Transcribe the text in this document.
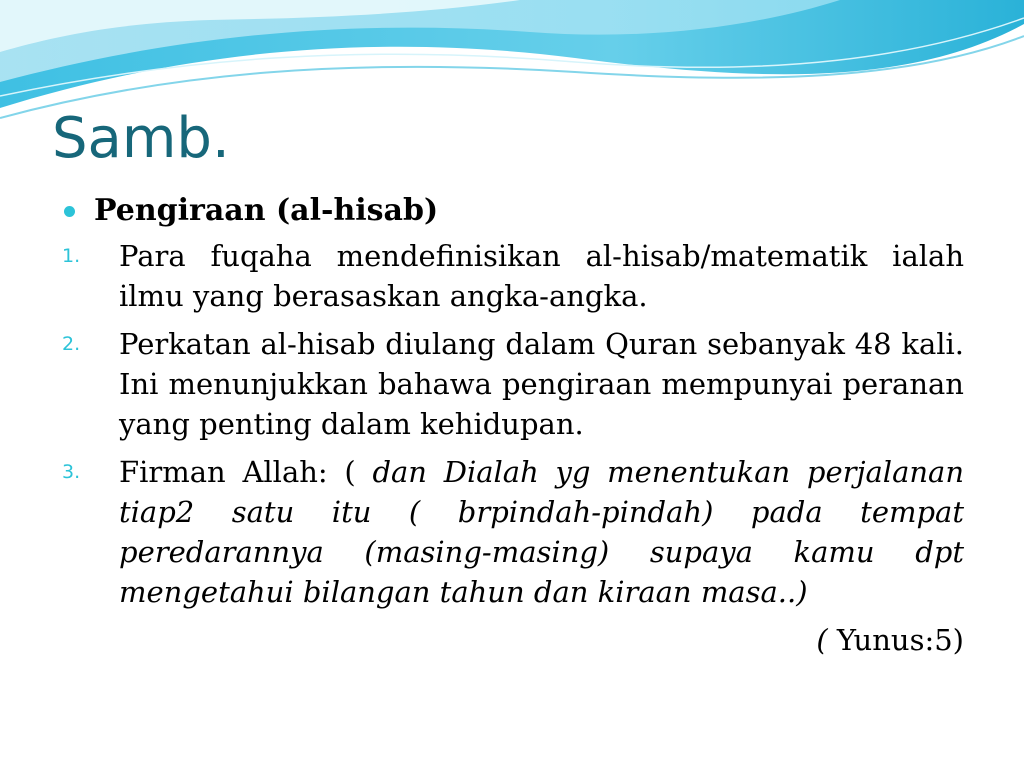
Samb.
Pengiraan (al-hisab)
1. Para fuqaha mendefinisikan al-hisab/matematik ialah ilmu yang berasaskan angka-angka.
2. Perkatan al-hisab diulang dalam Quran sebanyak 48 kali. Ini menunjukkan bahawa pengiraan mempunyai peranan yang penting dalam kehidupan.
3. Firman Allah: ( dan Dialah yg menentukan perjalanan tiap2 satu itu ( brpindah-pindah) pada tempat peredarannya (masing-masing) supaya kamu dpt mengetahui bilangan tahun dan kiraan masa..)
( Yunus:5)
